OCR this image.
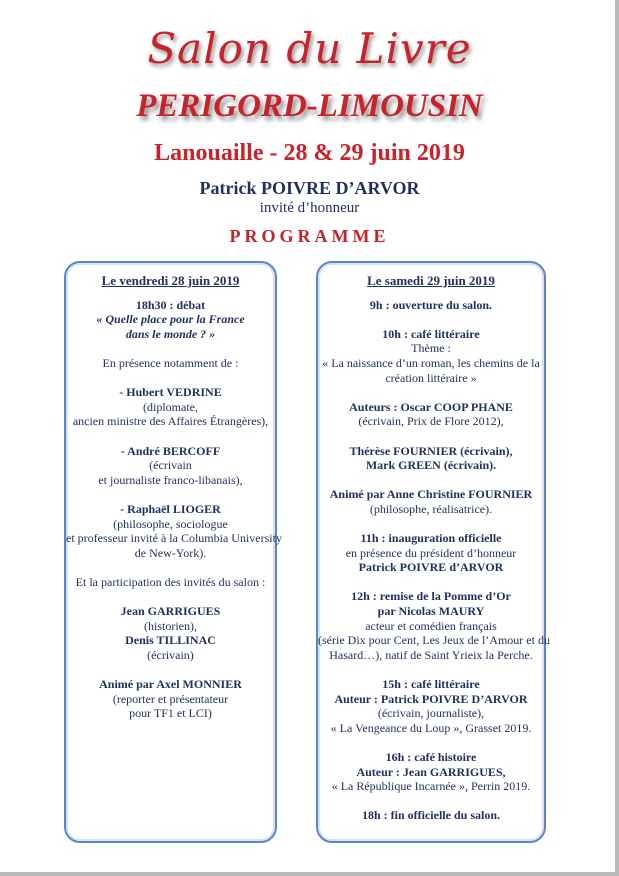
Salon du Livre
PERIGORD-LIMOUSIN
Lanouaille - 28 & 29 juin 2019
Patrick POIVRE D’ARVOR
invité d’honneur
PROGRAMME
Le vendredi 28 juin 2019
18h30 : débat
« Quelle place pour la France
dans le monde ? »
En présence notamment de :
- Hubert VEDRINE
(diplomate,
ancien ministre des Affaires Étrangères),
- André BERCOFF
(écrivain
et journaliste franco-libanais),
- Raphaël LIOGER
(philosophe, sociologue
et professeur invité à la Columbia University
de New-York).
Et la participation des invités du salon :
Jean GARRIGUES
(historien),
Denis TILLINAC
(écrivain)
Animé par Axel MONNIER
(reporter et présentateur
pour TF1 et LCI)
Le samedi 29 juin 2019
9h : ouverture du salon.
10h : café littéraire
Thème :
« La naissance d’un roman, les chemins de la
création littéraire »
Auteurs : Oscar COOP PHANE
(écrivain, Prix de Flore 2012),
Thérèse FOURNIER (écrivain),
Mark GREEN (écrivain).
Animé par Anne Christine FOURNIER
(philosophe, réalisatrice).
11h : inauguration officielle
en présence du président d’honneur
Patrick POIVRE d’ARVOR
12h : remise de la Pomme d’Or
par Nicolas MAURY
acteur et comédien français
(série Dix pour Cent, Les Jeux de l’Amour et du
Hasard…), natif de Saint Yrieix la Perche.
15h : café littéraire
Auteur : Patrick POIVRE D’ARVOR
(écrivain, journaliste),
« La Vengeance du Loup », Grasset 2019.
16h : café histoire
Auteur : Jean GARRIGUES,
« La République Incarnée », Perrin 2019.
18h : fin officielle du salon.
